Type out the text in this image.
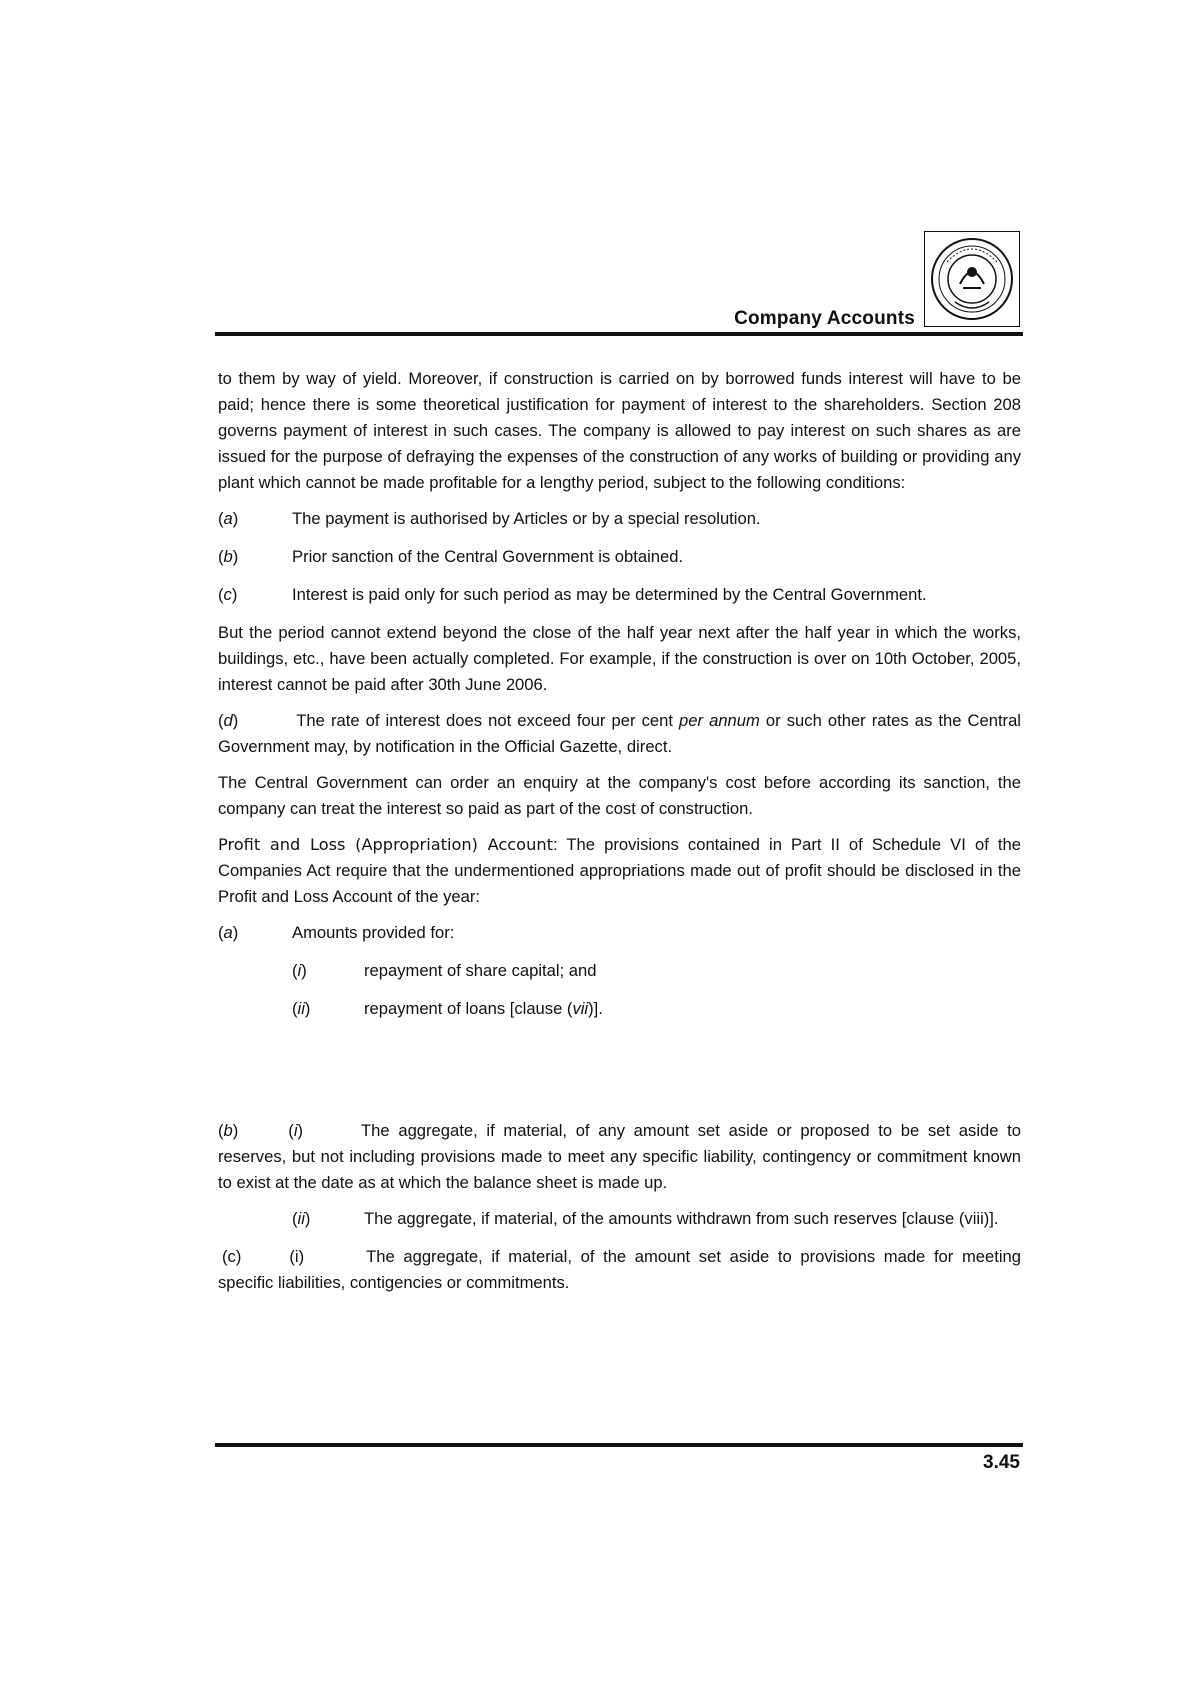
Company Accounts

to them by way of yield. Moreover, if construction is carried on by borrowed funds interest will have to be paid; hence there is some theoretical justification for payment of interest to the shareholders. Section 208 governs payment of interest in such cases. The company is allowed to pay interest on such shares as are issued for the purpose of defraying the expenses of the construction of any works of building or providing any plant which cannot be made profitable for a lengthy period, subject to the following conditions:

(a)	The payment is authorised by Articles or by a special resolution.
(b)	Prior sanction of the Central Government is obtained.
(c)	Interest is paid only for such period as may be determined by the Central Government.

But the period cannot extend beyond the close of the half year next after the half year in which the works, buildings, etc., have been actually completed. For example, if the construction is over on 10th October, 2005, interest cannot be paid after 30th June 2006.

(d)	The rate of interest does not exceed four per cent per annum or such other rates as the Central Government may, by notification in the Official Gazette, direct.

The Central Government can order an enquiry at the company's cost before according its sanction, the company can treat the interest so paid as part of the cost of construction.

Profit and Loss (Appropriation) Account: The provisions contained in Part II of Schedule VI of the Companies Act require that the undermentioned appropriations made out of profit should be disclosed in the Profit and Loss Account of the year:

(a)	Amounts provided for:
(i)	repayment of share capital; and
(ii)	repayment of loans [clause (vii)].

(b)	(i)	The aggregate, if material, of any amount set aside or proposed to be set aside to reserves, but not including provisions made to meet any specific liability, contingency or commitment known to exist at the date as at which the balance sheet is made up.

(ii)	The aggregate, if material, of the amounts withdrawn from such reserves [clause (viii)].

(c)	(i)	The aggregate, if material, of the amount set aside to provisions made for meeting specific liabilities, contigencies or commitments.

3.45
